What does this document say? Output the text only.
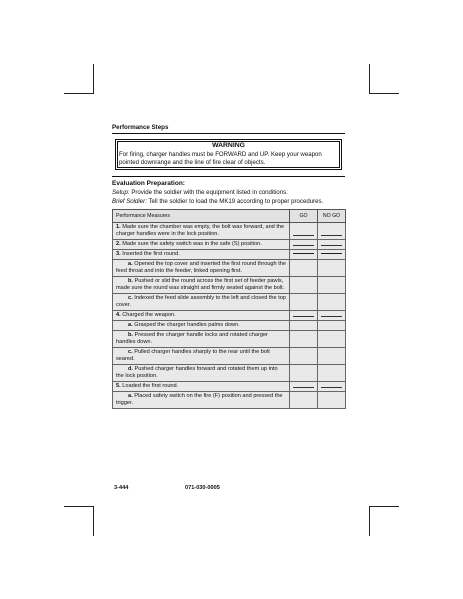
Performance Steps
WARNING
For firing, charger handles must be FORWARD and UP. Keep your weapon pointed downrange and the line of fire clear of objects.
Evaluation Preparation:
Setup: Provide the soldier with the equipment listed in conditions.
Brief Soldier: Tell the soldier to load the MK19 according to proper procedures.
Performance Measures	GO	NO GO
1. Made sure the chamber was empty, the bolt was forward, and the charger handles were in the lock position.	

2. Made sure the safety switch was in the safe (S) position.	

3. Inserted the first round.	

a. Opened the top cover and inserted the first round through the feed throat and into the feeder, linked opening first.		
b. Pushed or slid the round across the first set of feeder pawls, made sure the round was straight and firmly seated against the bolt.		
c. Indexed the feed slide assembly to the left and closed the top cover.		
4. Charged the weapon.	

a. Grasped the charger handles palms down.		
b. Pressed the charger handle locks and rotated charger handles down.		
c. Pulled charger handles sharply to the rear until the bolt seared.		
d. Pushed charger handles forward and rotated them up into the lock position.		
5. Loaded the first round.	

a. Placed safety switch on the fire (F) position and pressed the trigger.		
3-444	071-030-0005
